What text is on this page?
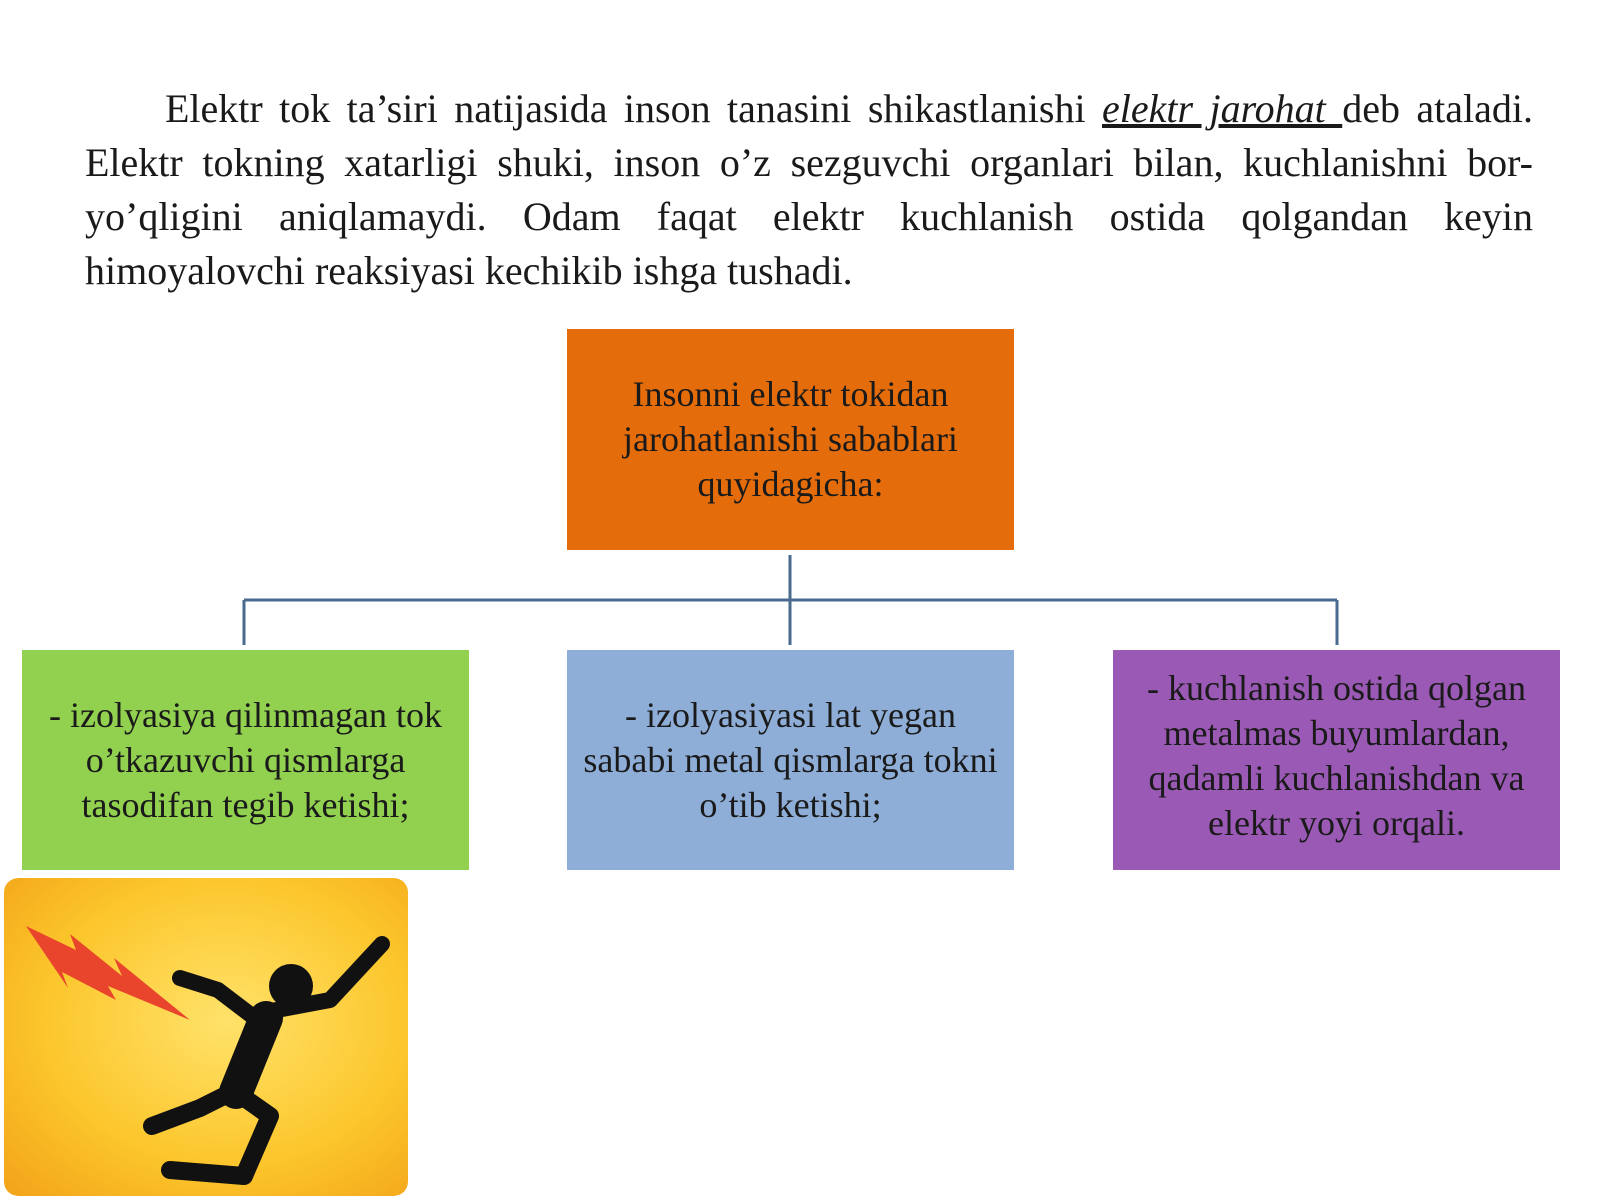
Elektr tok ta’siri natijasida inson tanasini shikastlanishi elektr jarohat deb ataladi. Elektr tokning xatarligi shuki, inson o’z sezguvchi organlari bilan, kuchlanishni bor-yo’qligini aniqlamaydi. Odam faqat elektr kuchlanish ostida qolgandan keyin himoyalovchi reaksiyasi kechikib ishga tushadi.

Insonni elektr tokidan jarohatlanishi sabablari quyidagicha:
- izolyasiya qilinmagan tok o’tkazuvchi qismlarga tasodifan tegib ketishi;
- izolyasiyasi lat yegan sababi metal qismlarga tokni o’tib ketishi;
- kuchlanish ostida qolgan metalmas buyumlardan, qadamli kuchlanishdan va elektr yoyi orqali.
